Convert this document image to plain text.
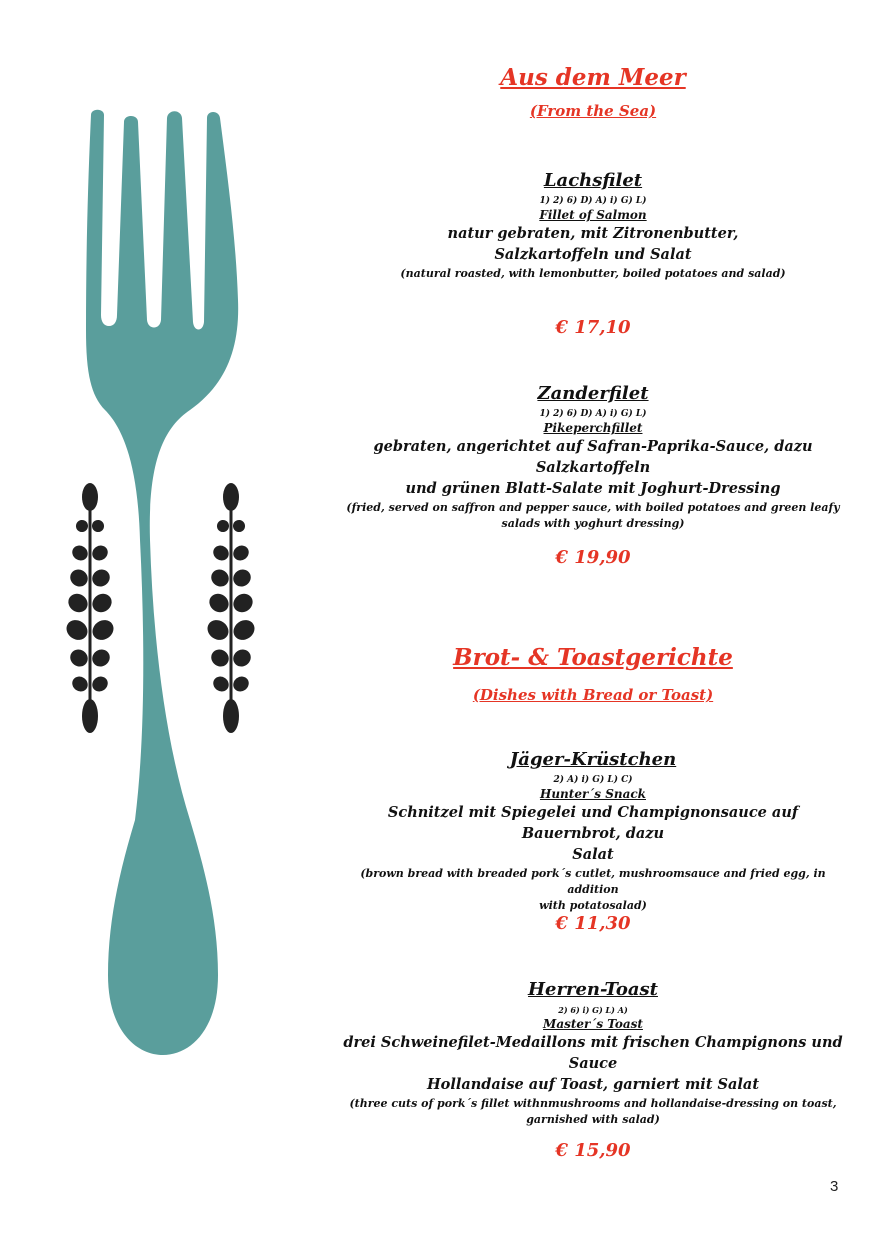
Aus dem Meer

(From the Sea)

Lachsfilet
1) 2) 6) D) A) i) G) L)
Fillet of Salmon
natur gebraten, mit Zitronenbutter,
Salzkartoffeln und Salat
(natural roasted, with lemonbutter, boiled potatoes and salad)
€ 17,10
Zanderfilet
1) 2) 6) D) A) i) G) L)
Pikeperchfillet
gebraten, angerichtet auf Safran-Paprika-Sauce, dazu Salzkartoffeln
und grünen Blatt-Salate mit Joghurt-Dressing
(fried, served on saffron and pepper sauce, with boiled potatoes and green leafy
salads with yoghurt dressing)
€ 19,90

Brot- & Toastgerichte

(Dishes with Bread or Toast)

Jäger-Krüstchen
2) A) i) G) L) C)
Hunter´s Snack
Schnitzel mit Spiegelei und Champignonsauce auf Bauernbrot, dazu
Salat
(brown bread with breaded pork´s cutlet, mushroomsauce and fried egg, in addition
with potatosalad)
€ 11,30
Herren-Toast
2) 6) i) G) L) A)
Master´s Toast
drei Schweinefilet-Medaillons mit frischen Champignons und Sauce
Hollandaise auf Toast, garniert mit Salat
(three cuts of pork´s fillet withnmushrooms and hollandaise-dressing on toast,
garnished with salad)
€ 15,90
3
